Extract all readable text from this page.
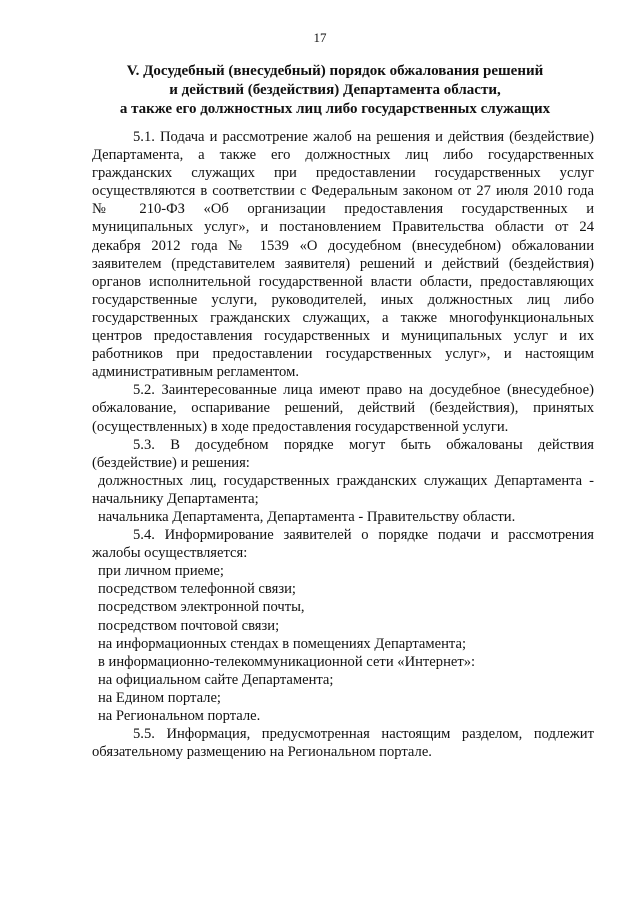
17
V. Досудебный (внесудебный) порядок обжалования решений
и действий (бездействия) Департамента области,
а также его должностных лиц либо государственных служащих

5.1. Подача и рассмотрение жалоб на решения и действия (бездействие) Департамента, а также его должностных лиц либо государственных гражданских служащих при предоставлении государственных услуг осуществляются в соответствии с Федеральным законом от 27 июля 2010 года № 210-ФЗ «Об организации предоставления государственных и муниципальных услуг», и постановлением Правительства области от 24 декабря 2012 года № 1539 «О досудебном (внесудебном) обжаловании заявителем (представителем заявителя) решений и действий (бездействия) органов исполнительной государственной власти области, предоставляющих государственные услуги, руководителей, иных должностных лиц либо государственных гражданских служащих, а также многофункциональных центров предоставления государственных и муниципальных услуг и их работников при предоставлении государственных услуг», и настоящим административным регламентом.

5.2. Заинтересованные лица имеют право на досудебное (внесудебное) обжалование, оспаривание решений, действий (бездействия), принятых (осуществленных) в ходе предоставления государственной услуги.

5.3. В досудебном порядке могут быть обжалованы действия (бездействие) и решения:

должностных лиц, государственных гражданских служащих Департамента - начальнику Департамента;

начальника Департамента, Департамента - Правительству области.

5.4. Информирование заявителей о порядке подачи и рассмотрения жалобы осуществляется:

при личном приеме;

посредством телефонной связи;

посредством электронной почты,

посредством почтовой связи;

на информационных стендах в помещениях Департамента;

в информационно-телекоммуникационной сети «Интернет»:

на официальном сайте Департамента;

на Едином портале;

на Региональном портале.

5.5. Информация, предусмотренная настоящим разделом, подлежит обязательному размещению на Региональном портале.
